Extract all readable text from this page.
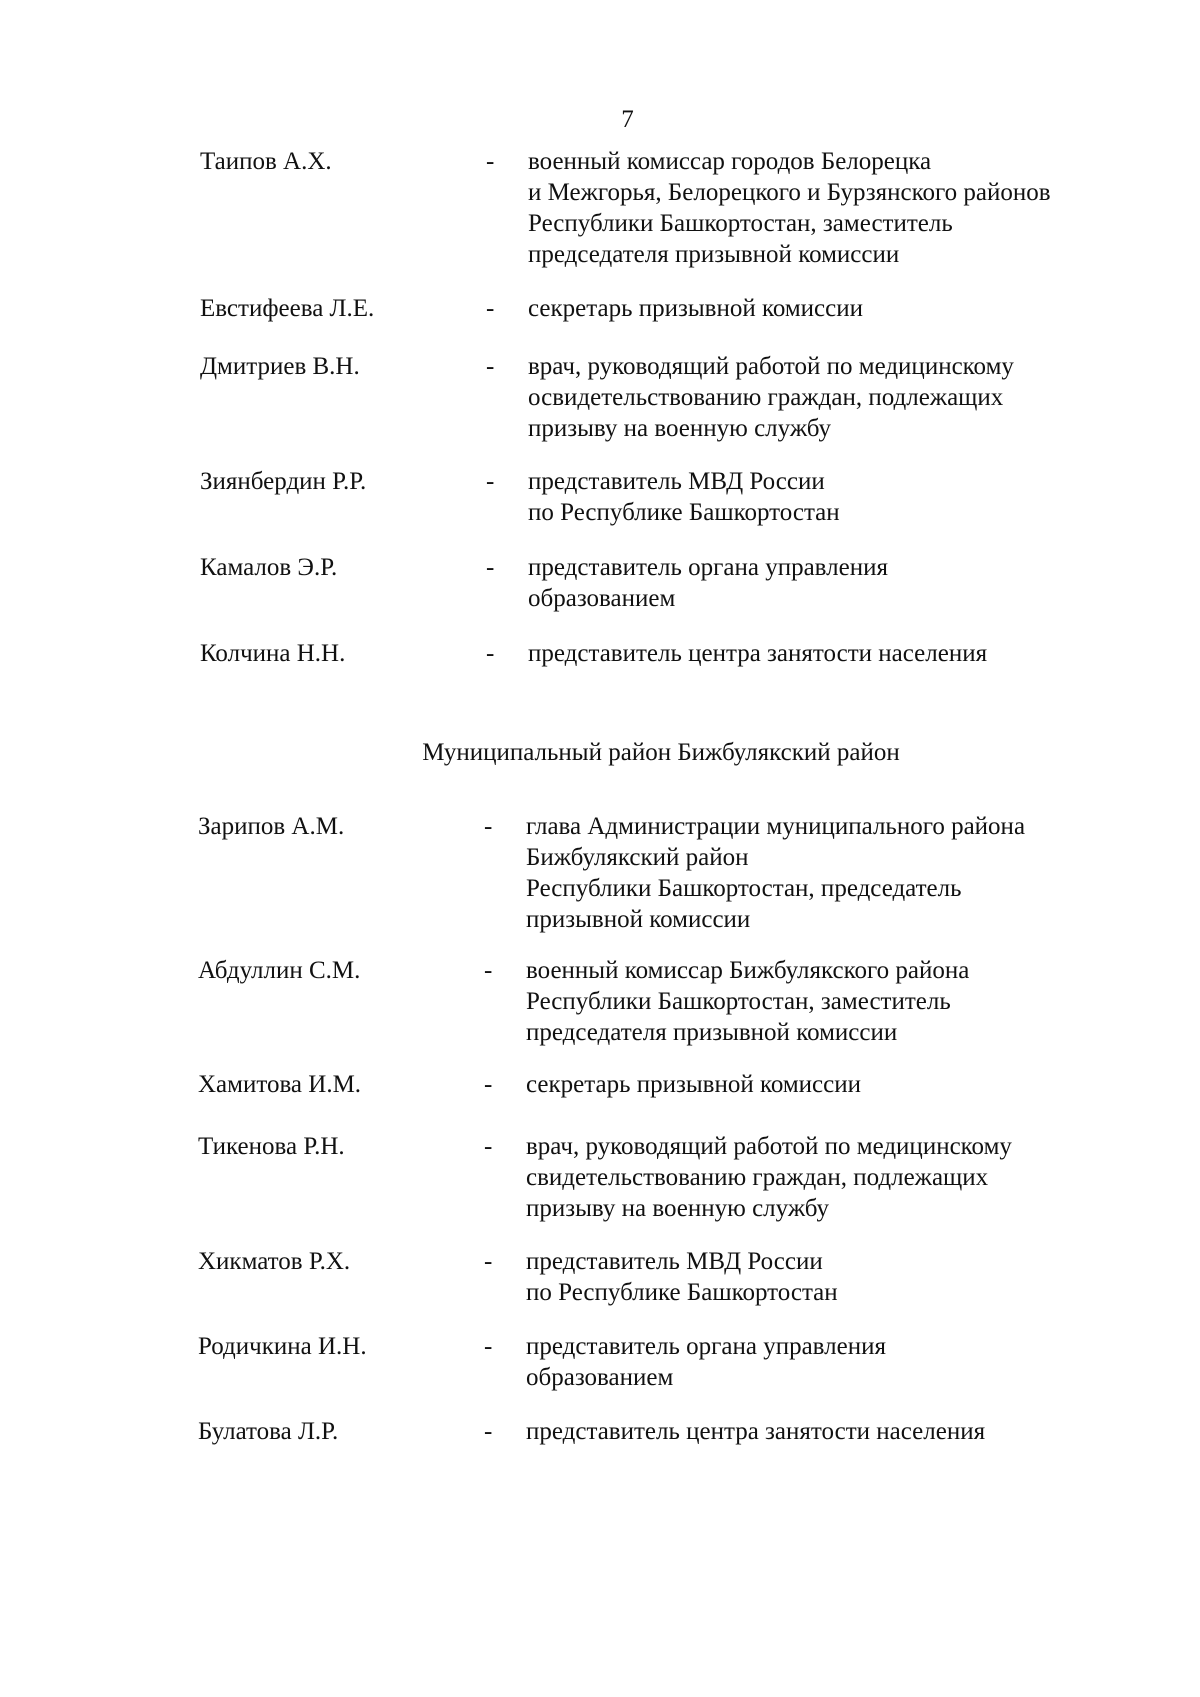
7
Таипов А.Х.	- военный комиссар городов Белорецка
и Межгорья, Белорецкого и Бурзянского районов
Республики Башкортостан, заместитель
председателя призывной комиссии
Евстифеева Л.Е.	- секретарь призывной комиссии
Дмитриев В.Н.	- врач, руководящий работой по медицинскому
освидетельствованию граждан, подлежащих
призыву на военную службу
Зиянбердин Р.Р.	- представитель МВД России
по Республике Башкортостан
Камалов Э.Р.	- представитель органа управления
образованием
Колчина Н.Н.	- представитель центра занятости населения
Муниципальный район Бижбулякский район
Зарипов А.М.	- глава Администрации муниципального района
Бижбулякский район
Республики Башкортостан, председатель
призывной комиссии
Абдуллин С.М.	- военный комиссар Бижбулякского района
Республики Башкортостан, заместитель
председателя призывной комиссии
Хамитова И.М.	- секретарь призывной комиссии
Тикенова Р.Н.	- врач, руководящий работой по медицинскому
свидетельствованию граждан, подлежащих
призыву на военную службу
Хикматов Р.Х.	- представитель МВД России
по Республике Башкортостан
Родичкина И.Н.	- представитель органа управления
образованием
Булатова Л.Р.	- представитель центра занятости населения
